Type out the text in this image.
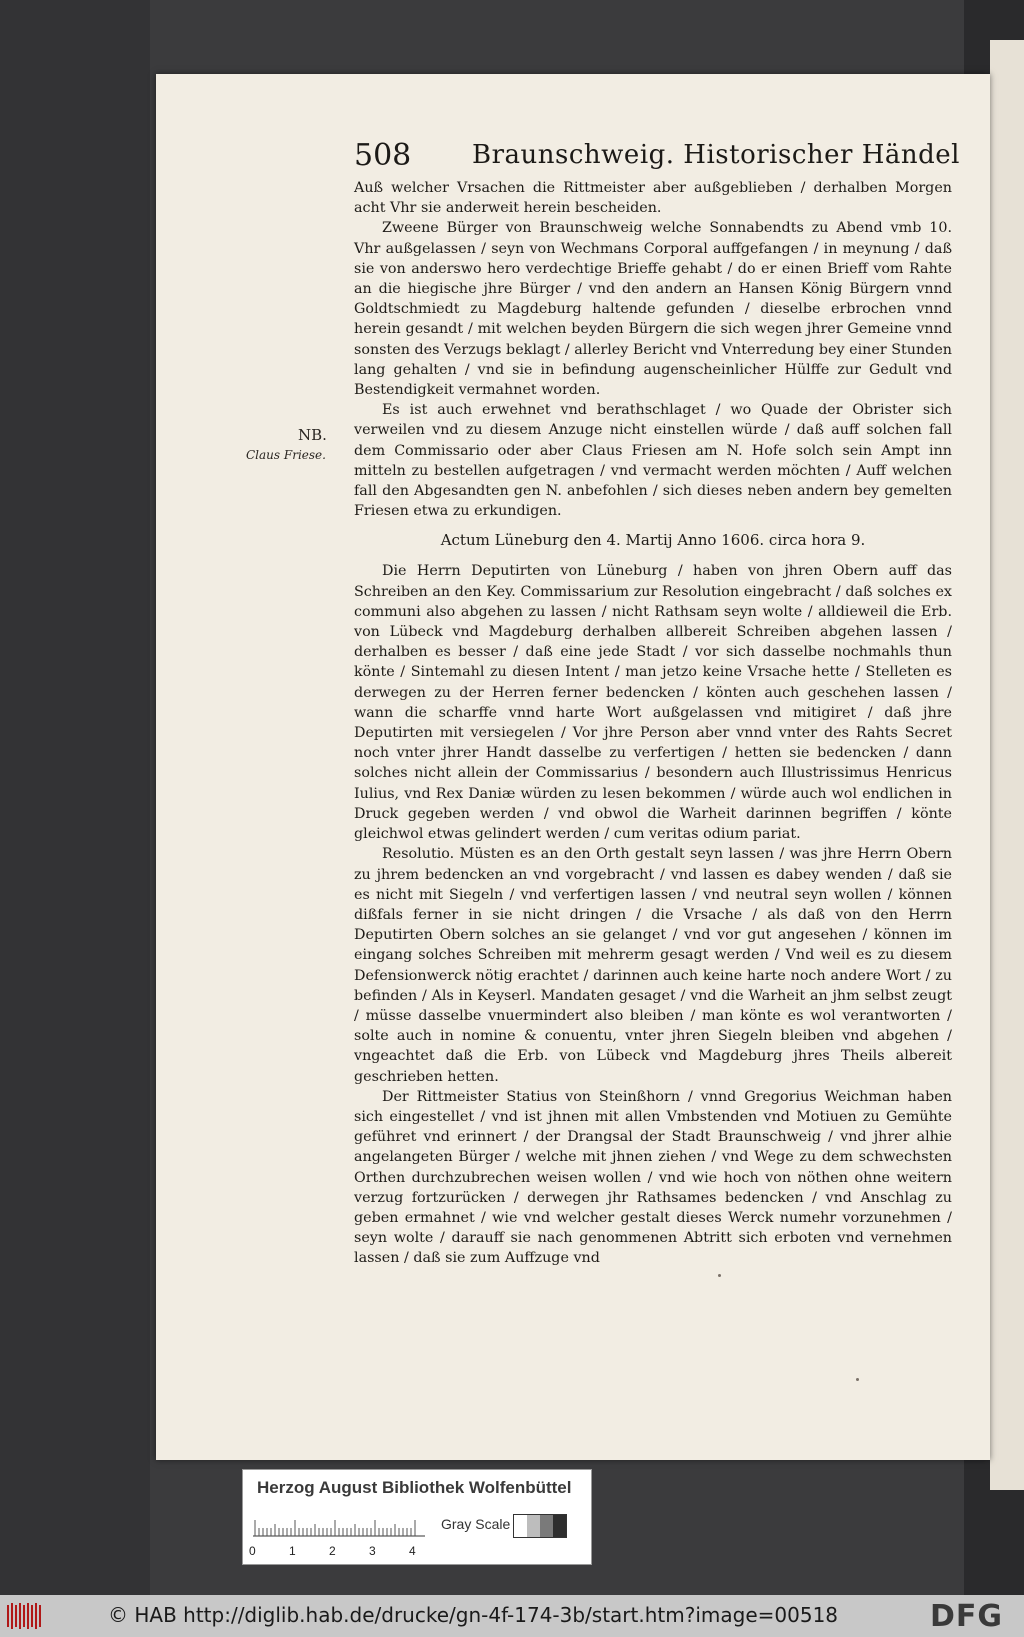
508 Braunschweig. Historischer Händel
NB.
Claus Friese.

Auß welcher Vrsachen die Rittmeister aber außgeblieben / derhalben Morgen acht Vhr sie anderweit herein bescheiden.

Zweene Bürger von Braunschweig welche Sonnabendts zu Abend vmb 10. Vhr außgelassen / seyn von Wechmans Corporal auffgefangen / in meynung / daß sie von anderswo hero verdechtige Brieffe gehabt / do er einen Brieff vom Rahte an die hiegische jhre Bürger / vnd den andern an Hansen König Bürgern vnnd Goldtschmiedt zu Magdeburg haltende gefunden / dieselbe erbrochen vnnd herein gesandt / mit welchen beyden Bürgern die sich wegen jhrer Gemeine vnnd sonsten des Verzugs beklagt / allerley Bericht vnd Vnterredung bey einer Stunden lang gehalten / vnd sie in befindung augenscheinlicher Hülffe zur Gedult vnd Bestendigkeit vermahnet worden.

Es ist auch erwehnet vnd berathschlaget / wo Quade der Obrister sich verweilen vnd zu diesem Anzuge nicht einstellen würde / daß auff solchen fall dem Commissario oder aber Claus Friesen am N. Hofe solch sein Ampt inn mitteln zu bestellen aufgetragen / vnd vermacht werden möchten / Auff welchen fall den Abgesandten gen N. anbefohlen / sich dieses neben andern bey gemelten Friesen etwa zu erkundigen.

Actum Lüneburg den 4. Martij Anno 1606. circa hora 9.

Die Herrn Deputirten von Lüneburg / haben von jhren Obern auff das Schreiben an den Key. Commissarium zur Resolution eingebracht / daß solches ex communi also abgehen zu lassen / nicht Rathsam seyn wolte / alldieweil die Erb. von Lübeck vnd Magdeburg derhalben allbereit Schreiben abgehen lassen / derhalben es besser / daß eine jede Stadt / vor sich dasselbe nochmahls thun könte / Sintemahl zu diesen Intent / man jetzo keine Vrsache hette / Stelleten es derwegen zu der Herren ferner bedencken / könten auch geschehen lassen / wann die scharffe vnnd harte Wort außgelassen vnd mitigiret / daß jhre Deputirten mit versiegelen / Vor jhre Person aber vnnd vnter des Rahts Secret noch vnter jhrer Handt dasselbe zu verfertigen / hetten sie bedencken / dann solches nicht allein der Commissarius / besondern auch Illustrissimus Henricus Iulius, vnd Rex Daniæ würden zu lesen bekommen / würde auch wol endlichen in Druck gegeben werden / vnd obwol die Warheit darinnen begriffen / könte gleichwol etwas gelindert werden / cum veritas odium pariat.

Resolutio. Müsten es an den Orth gestalt seyn lassen / was jhre Herrn Obern zu jhrem bedencken an vnd vorgebracht / vnd lassen es dabey wenden / daß sie es nicht mit Siegeln / vnd verfertigen lassen / vnd neutral seyn wollen / können dißfals ferner in sie nicht dringen / die Vrsache / als daß von den Herrn Deputirten Obern solches an sie gelanget / vnd vor gut angesehen / können im eingang solches Schreiben mit mehrerm gesagt werden / Vnd weil es zu diesem Defensionwerck nötig erachtet / darinnen auch keine harte noch andere Wort / zu befinden / Als in Keyserl. Mandaten gesaget / vnd die Warheit an jhm selbst zeugt / müsse dasselbe vnuermindert also bleiben / man könte es wol verantworten / solte auch in nomine & conuentu, vnter jhren Siegeln bleiben vnd abgehen / vngeachtet daß die Erb. von Lübeck vnd Magdeburg jhres Theils albereit geschrieben hetten.

Der Rittmeister Statius von Steinßhorn / vnnd Gregorius Weichman haben sich eingestellet / vnd ist jhnen mit allen Vmbstenden vnd Motiuen zu Gemühte geführet vnd erinnert / der Drangsal der Stadt Braunschweig / vnd jhrer alhie angelangeten Bürger / welche mit jhnen ziehen / vnd Wege zu dem schwechsten Orthen durchzubrechen weisen wollen / vnd wie hoch von nöthen ohne weitern verzug fortzurücken / derwegen jhr Rathsames bedencken / vnd Anschlag zu geben ermahnet / wie vnd welcher gestalt dieses Werck numehr vorzunehmen / seyn wolte / darauff sie nach genommenen Abtritt sich erboten vnd vernehmen lassen / daß sie zum Auffzuge vnd

Herzog August Bibliothek Wolfenbüttel
0	1	2	3	4
Gray Scale
© HAB http://diglib.hab.de/drucke/gn-4f-174-3b/start.htm?image=00518	DFG
